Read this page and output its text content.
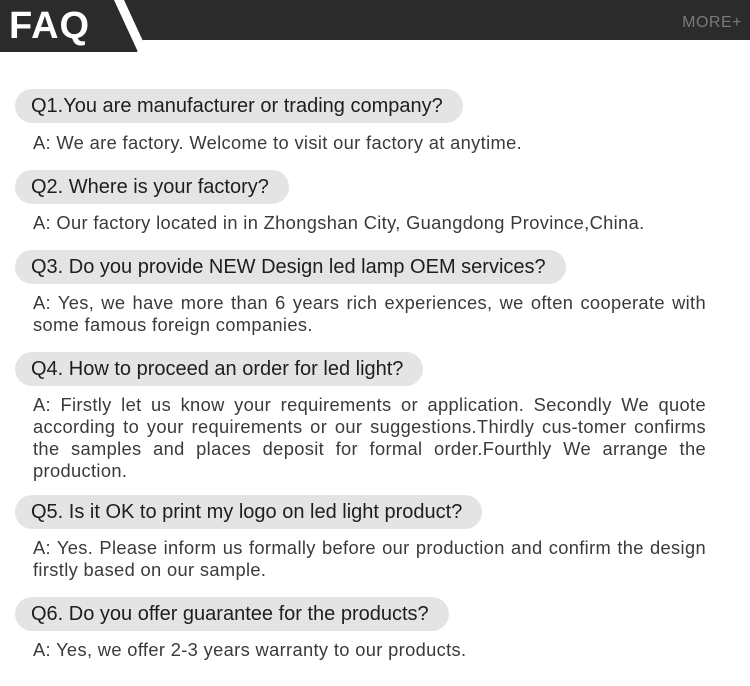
FAQ	MORE+
Q1.You are manufacturer or trading company?
A: We are factory. Welcome to visit our factory at anytime.
Q2. Where is your factory?
A: Our factory located in in Zhongshan City, Guangdong Province,China.
Q3. Do you provide NEW Design led lamp OEM services?
A: Yes, we have more than 6 years rich experiences, we often cooperate with some famous foreign companies.
Q4. How to proceed an order for led light?
A: Firstly let us know your requirements or application. Secondly We quote according to your requirements or our suggestions.Thirdly cus-tomer confirms the samples and places deposit for formal order.Fourthly We arrange the production.
Q5. Is it OK to print my logo on led light product?
A: Yes. Please inform us formally before our production and confirm the design firstly based on our sample.
Q6. Do you offer guarantee for the products?
A: Yes, we offer 2-3 years warranty to our products.
